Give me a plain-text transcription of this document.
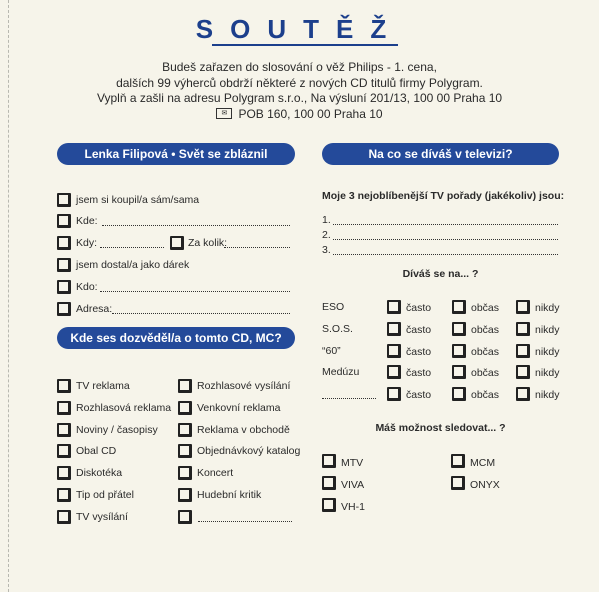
SOUTĚŽ
Budeš zařazen do slosování o věž Philips - 1. cena,
dalších 99 výherců obdrží některé z nových CD titulů firmy Polygram.
Vyplň a zašli na adresu Polygram s.r.o., Na výsluní 201/13, 100 00 Praha 10
✉ POB 160, 100 00 Praha 10
Lenka Filipová • Svět se zbláznil
jsem si koupil/a sám/sama
Kde:
Kdy:	Za kolik:
jsem dostal/a jako dárek
Kdo:
Adresa:
Kde ses dozvěděl/a o tomto CD, MC?
TV reklama
Rozhlasová reklama
Noviny / časopisy
Obal CD
Diskotéka
Tip od přátel
TV vysílání
Rozhlasové vysílání
Venkovní reklama
Reklama v obchodě
Objednávkový katalog
Koncert
Hudební kritik
Na co se díváš v televizi?
Moje 3 nejoblíbenější TV pořady (jakékoliv) jsou:
1.
2.
3.
Díváš se na... ?
ESO	často	občas	nikdy
S.O.S.	často	občas	nikdy
“60”	často	občas	nikdy
Medúzu	často	občas	nikdy
často	občas	nikdy
Máš možnost sledovat... ?
MTV
VIVA
VH-1
MCM
ONYX
